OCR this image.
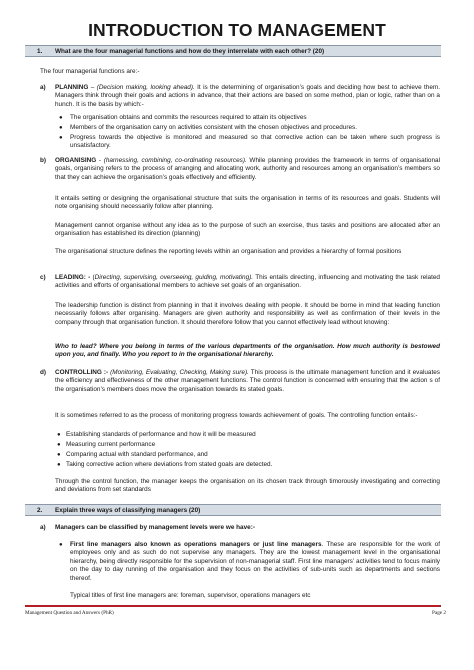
INTRODUCTION TO MANAGEMENT
1. What are the four managerial functions and how do they interrelate with each other? (20)
The four managerial functions are:-
a) PLANNING – (Decision making, looking ahead). It is the determining of organisation’s goals and deciding how best to achieve them. Managers think through their goals and actions in advance, that their actions are based on some method, plan or logic, rather than on a hunch. It is the basis by which:-
● The organisation obtains and commits the resources required to attain its objectives
● Members of the organisation carry on activities consistent with the chosen objectives and procedures.
● Progress towards the objective is monitored and measured so that corrective action can be taken where such progress is unsatisfactory.
b) ORGANISING - (harnessing, combining, co-ordinating resources). While planning provides the framework in terms of organisational goals, organising refers to the process of arranging and allocating work, authority and resources among an organisation’s members so that they can achieve the organisation’s goals effectively and efficiently.
It entails setting or designing the organisational structure that suits the organisation in terms of its resources and goals. Students will note organising should necessarily follow after planning.
Management cannot organise without any idea as to the purpose of such an exercise, thus tasks and positions are allocated after an organisation has established its direction (planning)
The organisational structure defines the reporting levels within an organisation and provides a hierarchy of formal positions
c) LEADING: - (Directing, supervising, overseeing, guiding, motivating). This entails directing, influencing and motivating the task related activities and efforts of organisational members to achieve set goals of an organisation.
The leadership function is distinct from planning in that it involves dealing with people. It should be borne in mind that leading function necessarily follows after organising. Managers are given authority and responsibility as well as confirmation of their levels in the company through that organisation function. It should therefore follow that you cannot effectively lead without knowing:
Who to lead? Where you belong in terms of the various departments of the organisation. How much authority is bestowed upon you, and finally. Who you report to in the organisational hierarchy.
d) CONTROLLING :- (Monitoring, Evaluating, Checking, Making sure). This process is the ultimate management function and it evaluates the efficiency and effectiveness of the other management functions. The control function is concerned with ensuring that the action s of the organisation’s members does move the organisation towards its stated goals.
It is sometimes referred to as the process of monitoring progress towards achievement of goals. The controlling function entails:-
● Establishing standards of performance and how it will be measured
● Measuring current performance
● Comparing actual with standard performance, and
● Taking corrective action where deviations from stated goals are detected.
Through the control function, the manager keeps the organisation on its chosen track through timorously investigating and correcting and deviations from set standards
2. Explain three ways of classifying managers (20)
a) Managers can be classified by management levels were we have:-
● First line managers also known as operations managers or just line managers. These are responsible for the work of employees only and as such do not supervise any managers. They are the lowest management level in the organisational hierarchy, being directly responsible for the supervision of non-managerial staff. First line managers’ activities tend to focus mainly on the day to day running of the organisation and they focus on the activities of sub-units such as departments and sections thereof.
Typical titles of first line managers are: foreman, supervisor, operations managers etc
Management Question and Answers (PhR)	Page 2
